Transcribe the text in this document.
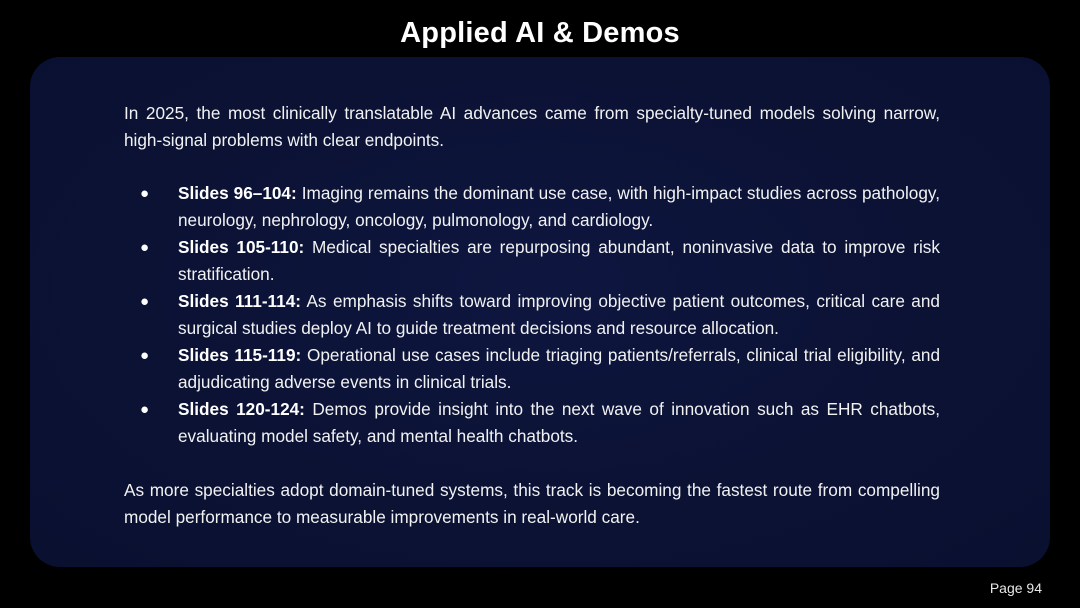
Applied AI & Demos

In 2025, the most clinically translatable AI advances came from specialty-tuned models solving narrow, high-signal problems with clear endpoints.

● Slides 96–104: Imaging remains the dominant use case, with high-impact studies across pathology, neurology, nephrology, oncology, pulmonology, and cardiology.
● Slides 105-110: Medical specialties are repurposing abundant, noninvasive data to improve risk stratification.
● Slides 111-114: As emphasis shifts toward improving objective patient outcomes, critical care and surgical studies deploy AI to guide treatment decisions and resource allocation.
● Slides 115-119: Operational use cases include triaging patients/referrals, clinical trial eligibility, and adjudicating adverse events in clinical trials.
● Slides 120-124: Demos provide insight into the next wave of innovation such as EHR chatbots, evaluating model safety, and mental health chatbots.

As more specialties adopt domain-tuned systems, this track is becoming the fastest route from compelling model performance to measurable improvements in real-world care.

Page 94
